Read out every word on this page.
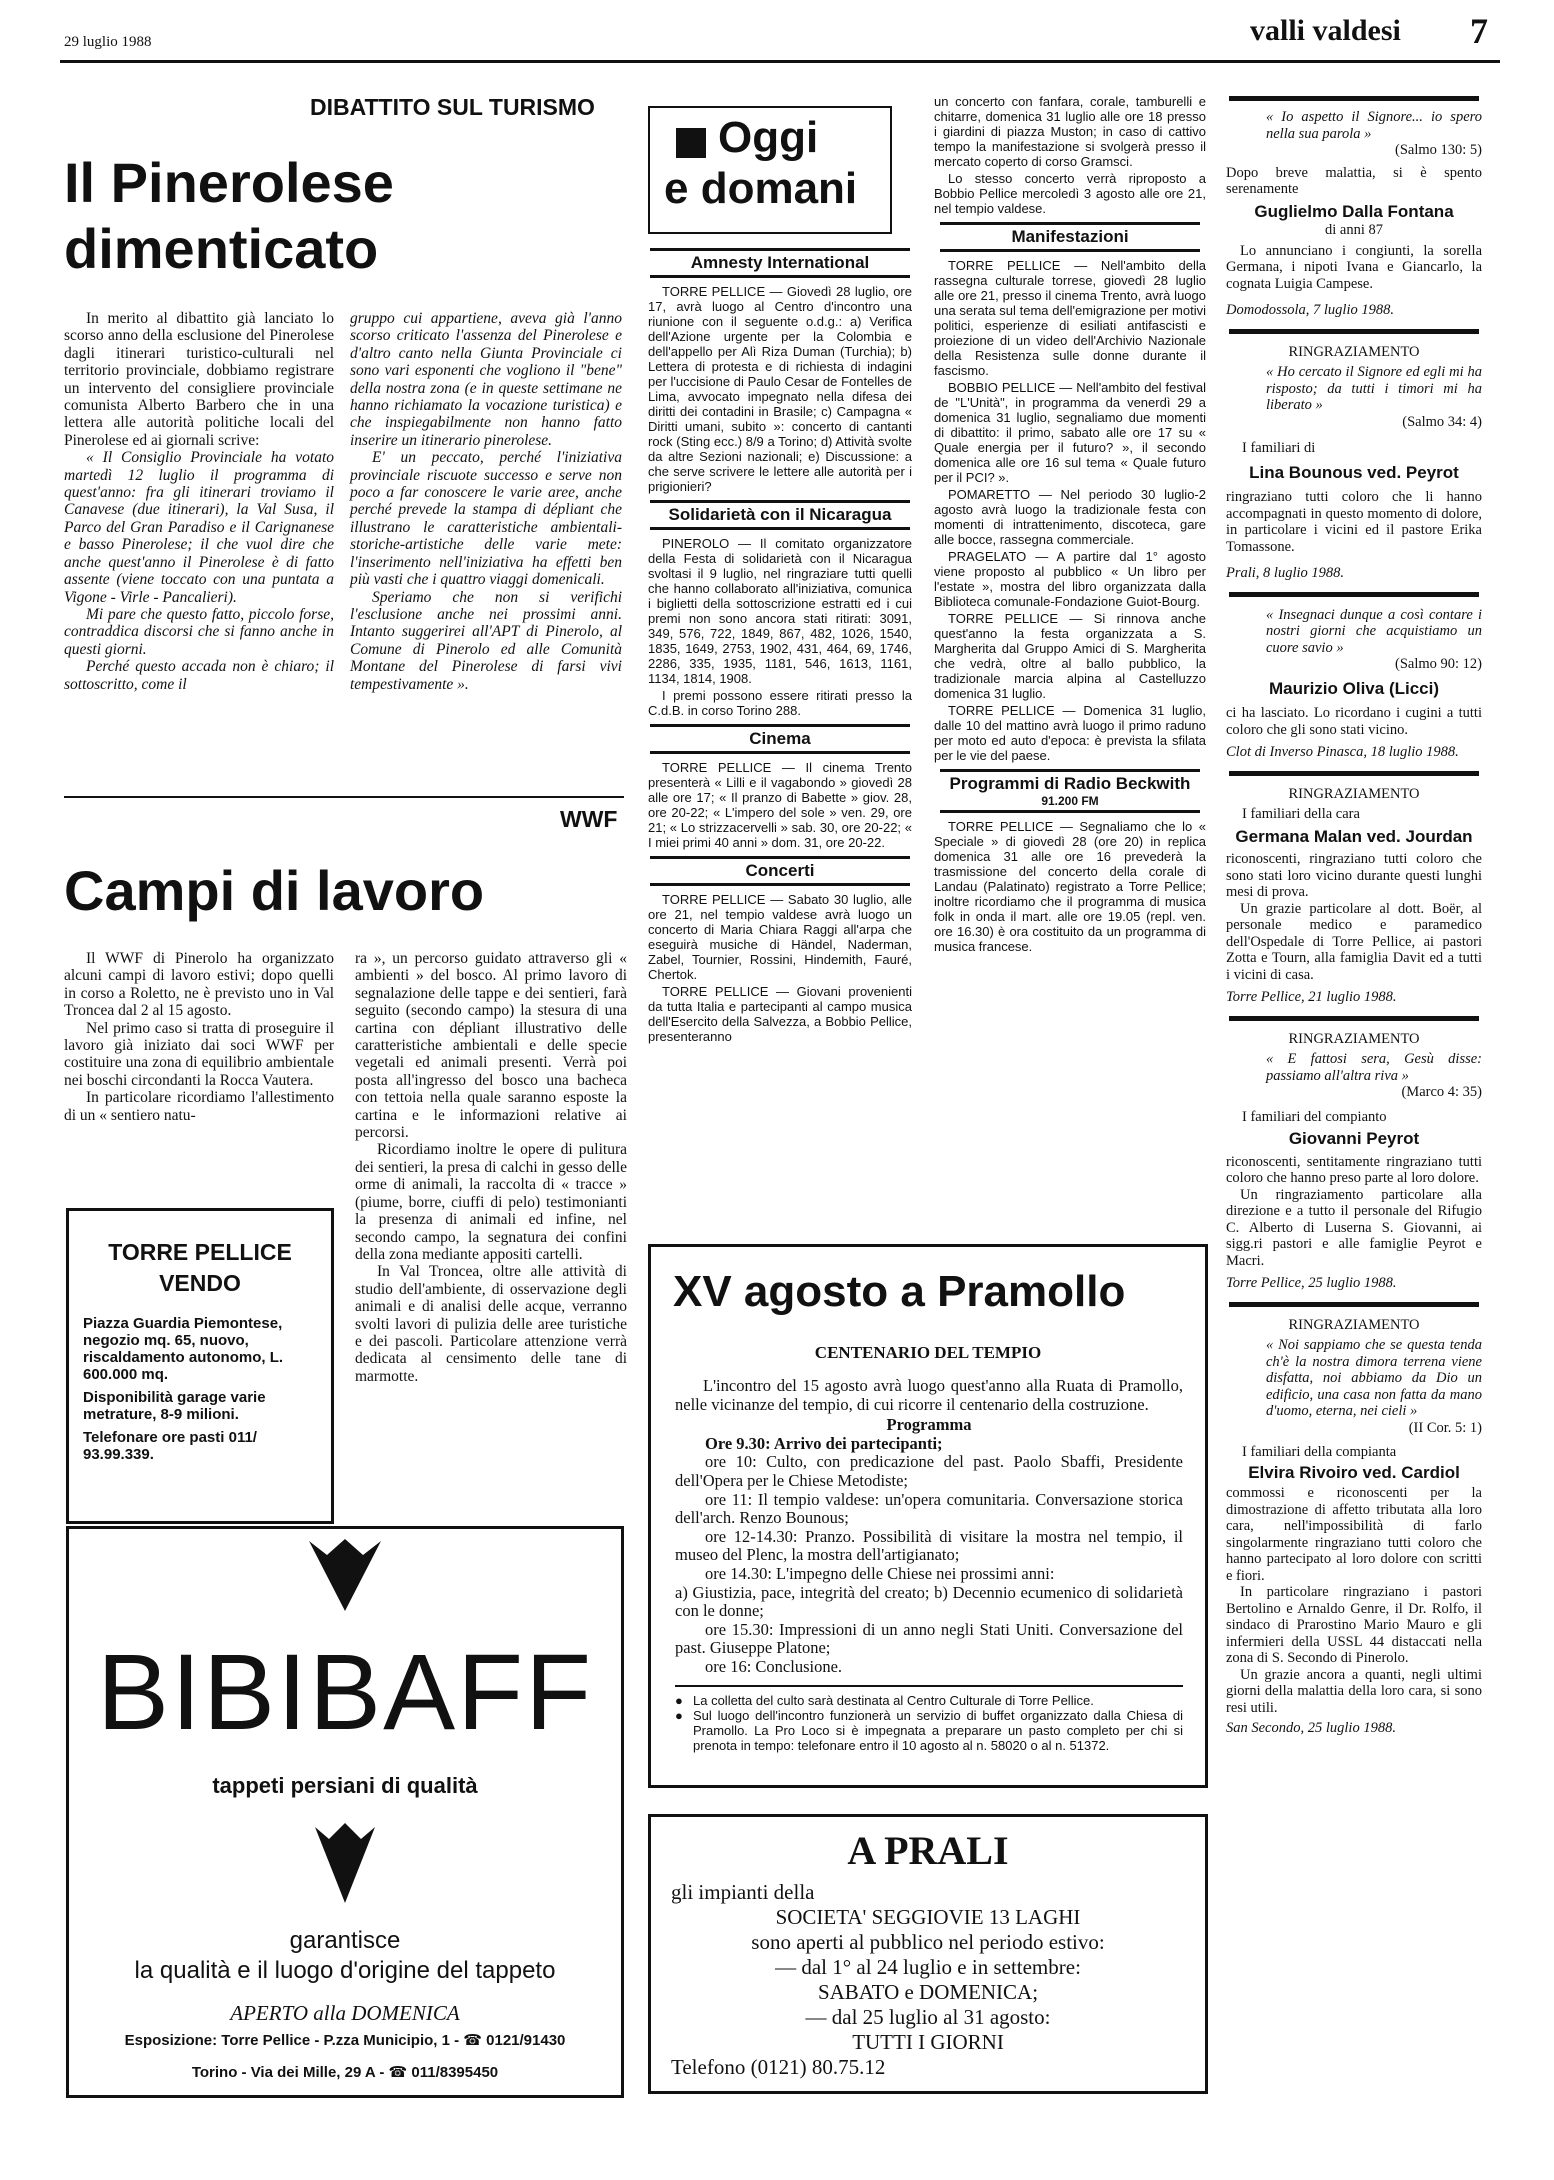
29 luglio 1988	valli valdesi 7
DIBATTITO SUL TURISMO
Il Pinerolese
dimenticato

In merito al dibattito già lanciato lo scorso anno della esclusione del Pinerolese dagli itinerari turistico-culturali nel territorio provinciale, dobbiamo registrare un intervento del consigliere provinciale comunista Alberto Barbero che in una lettera alle autorità politiche locali del Pinerolese ed ai giornali scrive:

« Il Consiglio Provinciale ha votato martedì 12 luglio il programma di quest'anno: fra gli itinerari troviamo il Canavese (due itinerari), la Val Susa, il Parco del Gran Paradiso e il Carignanese e basso Pinerolese; il che vuol dire che anche quest'anno il Pinerolese è di fatto assente (viene toccato con una puntata a Vigone - Virle - Pancalieri).

Mi pare che questo fatto, piccolo forse, contraddica discorsi che si fanno anche in questi giorni.

Perché questo accada non è chiaro; il sottoscritto, come il

gruppo cui appartiene, aveva già l'anno scorso criticato l'assenza del Pinerolese e d'altro canto nella Giunta Provinciale ci sono vari esponenti che vogliono il "bene" della nostra zona (e in queste settimane ne hanno richiamato la vocazione turistica) e che inspiegabilmente non hanno fatto inserire un itinerario pinerolese.

E' un peccato, perché l'iniziativa provinciale riscuote successo e serve non poco a far conoscere le varie aree, anche perché prevede la stampa di dépliant che illustrano le caratteristiche ambientali-storiche-artistiche delle varie mete: l'inserimento nell'iniziativa ha effetti ben più vasti che i quattro viaggi domenicali.

Speriamo che non si verifichi l'esclusione anche nei prossimi anni. Intanto suggerirei all'APT di Pinerolo, al Comune di Pinerolo ed alle Comunità Montane del Pinerolese di farsi vivi tempestivamente ».

WWF
Campi di lavoro

Il WWF di Pinerolo ha organizzato alcuni campi di lavoro estivi; dopo quelli in corso a Roletto, ne è previsto uno in Val Troncea dal 2 al 15 agosto.

Nel primo caso si tratta di proseguire il lavoro già iniziato dai soci WWF per costituire una zona di equilibrio ambientale nei boschi circondanti la Rocca Vautera.

In particolare ricordiamo l'allestimento di un « sentiero natu-

ra », un percorso guidato attraverso gli « ambienti » del bosco. Al primo lavoro di segnalazione delle tappe e dei sentieri, farà seguito (secondo campo) la stesura di una cartina con dépliant illustrativo delle caratteristiche ambientali e delle specie vegetali ed animali presenti. Verrà poi posta all'ingresso del bosco una bacheca con tettoia nella quale saranno esposte la cartina e le informazioni relative ai percorsi.

Ricordiamo inoltre le opere di pulitura dei sentieri, la presa di calchi in gesso delle orme di animali, la raccolta di « tracce » (piume, borre, ciuffi di pelo) testimonianti la presenza di animali ed infine, nel secondo campo, la segnatura dei confini della zona mediante appositi cartelli.

In Val Troncea, oltre alle attività di studio dell'ambiente, di osservazione degli animali e di analisi delle acque, verranno svolti lavori di pulizia delle aree turistiche e dei pascoli. Particolare attenzione verrà dedicata al censimento delle tane di marmotte.

TORRE PELLICE
VENDO
Piazza Guardia Piemontese, negozio mq. 65, nuovo, riscaldamento autonomo, L. 600.000 mq.
Disponibilità garage varie metrature, 8-9 milioni.
Telefonare ore pasti 011/ 93.99.339.
BIBIBAFF
tappeti persiani di qualità
garantisce
la qualità e il luogo d'origine del tappeto
APERTO alla DOMENICA
Esposizione: Torre Pellice - P.zza Municipio, 1 - ☎ 0121/91430
Torino - Via dei Mille, 29 A - ☎ 011/8395450
Oggi
e domani
Amnesty International

TORRE PELLICE — Giovedì 28 luglio, ore 17, avrà luogo al Centro d'incontro una riunione con il seguente o.d.g.: a) Verifica dell'Azione urgente per la Colombia e dell'appello per Alì Riza Duman (Turchia); b) Lettera di protesta e di richiesta di indagini per l'uccisione di Paulo Cesar de Fontelles de Lima, avvocato impegnato nella difesa dei diritti dei contadini in Brasile; c) Campagna « Diritti umani, subito »: concerto di cantanti rock (Sting ecc.) 8/9 a Torino; d) Attività svolte da altre Sezioni nazionali; e) Discussione: a che serve scrivere le lettere alle autorità per i prigionieri?

Solidarietà con il Nicaragua

PINEROLO — Il comitato organizzatore della Festa di solidarietà con il Nicaragua svoltasi il 9 luglio, nel ringraziare tutti quelli che hanno collaborato all'iniziativa, comunica i biglietti della sottoscrizione estratti ed i cui premi non sono ancora stati ritirati: 3091, 349, 576, 722, 1849, 867, 482, 1026, 1540, 1835, 1649, 2753, 1902, 431, 464, 69, 1746, 2286, 335, 1935, 1181, 546, 1613, 1161, 1134, 1814, 1908.

I premi possono essere ritirati presso la C.d.B. in corso Torino 288.

Cinema

TORRE PELLICE — Il cinema Trento presenterà « Lilli e il vagabondo » giovedì 28 alle ore 17; « Il pranzo di Babette » giov. 28, ore 20-22; « L'impero del sole » ven. 29, ore 21; « Lo strizzacervelli » sab. 30, ore 20-22; « I miei primi 40 anni » dom. 31, ore 20-22.

Concerti

TORRE PELLICE — Sabato 30 luglio, alle ore 21, nel tempio valdese avrà luogo un concerto di Maria Chiara Raggi all'arpa che eseguirà musiche di Händel, Naderman, Zabel, Tournier, Rossini, Hindemith, Fauré, Chertok.

TORRE PELLICE — Giovani provenienti da tutta Italia e partecipanti al campo musica dell'Esercito della Salvezza, a Bobbio Pellice, presenteranno

un concerto con fanfara, corale, tamburelli e chitarre, domenica 31 luglio alle ore 18 presso i giardini di piazza Muston; in caso di cattivo tempo la manifestazione si svolgerà presso il mercato coperto di corso Gramsci.

Lo stesso concerto verrà riproposto a Bobbio Pellice mercoledì 3 agosto alle ore 21, nel tempio valdese.

Manifestazioni

TORRE PELLICE — Nell'ambito della rassegna culturale torrese, giovedì 28 luglio alle ore 21, presso il cinema Trento, avrà luogo una serata sul tema dell'emigrazione per motivi politici, esperienze di esiliati antifascisti e proiezione di un video dell'Archivio Nazionale della Resistenza sulle donne durante il fascismo.

BOBBIO PELLICE — Nell'ambito del festival de "L'Unità", in programma da venerdì 29 a domenica 31 luglio, segnaliamo due momenti di dibattito: il primo, sabato alle ore 17 su « Quale energia per il futuro? », il secondo domenica alle ore 16 sul tema « Quale futuro per il PCI? ».

POMARETTO — Nel periodo 30 luglio-2 agosto avrà luogo la tradizionale festa con momenti di intrattenimento, discoteca, gare alle bocce, rassegna commerciale.

PRAGELATO — A partire dal 1° agosto viene proposto al pubblico « Un libro per l'estate », mostra del libro organizzata dalla Biblioteca comunale-Fondazione Guiot-Bourg.

TORRE PELLICE — Si rinnova anche quest'anno la festa organizzata a S. Margherita dal Gruppo Amici di S. Margherita che vedrà, oltre al ballo pubblico, la tradizionale marcia alpina al Castelluzzo domenica 31 luglio.

TORRE PELLICE — Domenica 31 luglio, dalle 10 del mattino avrà luogo il primo raduno per moto ed auto d'epoca: è prevista la sfilata per le vie del paese.

Programmi di Radio Beckwith
91.200 FM

TORRE PELLICE — Segnaliamo che lo « Speciale » di giovedì 28 (ore 20) in replica domenica 31 alle ore 16 prevederà la trasmissione del concerto della corale di Landau (Palatinato) registrato a Torre Pellice; inoltre ricordiamo che il programma di musica folk in onda il mart. alle ore 19.05 (repl. ven. ore 16.30) è ora costituito da un programma di musica francese.

XV agosto a Pramollo
CENTENARIO DEL TEMPIO

L'incontro del 15 agosto avrà luogo quest'anno alla Ruata di Pramollo, nelle vicinanze del tempio, di cui ricorre il centenario della costruzione.

Programma
Ore 9.30: Arrivo dei partecipanti;
ore 10: Culto, con predicazione del past. Paolo Sbaffi, Presidente dell'Opera per le Chiese Metodiste;
ore 11: Il tempio valdese: un'opera comunitaria. Conversazione storica dell'arch. Renzo Bounous;
ore 12-14.30: Pranzo. Possibilità di visitare la mostra nel tempio, il museo del Plenc, la mostra dell'artigianato;
ore 14.30: L'impegno delle Chiese nei prossimi anni:
a) Giustizia, pace, integrità del creato; b) Decennio ecumenico di solidarietà con le donne;
ore 15.30: Impressioni di un anno negli Stati Uniti. Conversazione del past. Giuseppe Platone;
ore 16: Conclusione.
● La colletta del culto sarà destinata al Centro Culturale di Torre Pellice.
● Sul luogo dell'incontro funzionerà un servizio di buffet organizzato dalla Chiesa di Pramollo. La Pro Loco si è impegnata a preparare un pasto completo per chi si prenota in tempo: telefonare entro il 10 agosto al n. 58020 o al n. 51372.
A PRALI
gli impianti della
SOCIETA' SEGGIOVIE 13 LAGHI
sono aperti al pubblico nel periodo estivo:
— dal 1° al 24 luglio e in settembre:
SABATO e DOMENICA;
— dal 25 luglio al 31 agosto:
TUTTI I GIORNI
Telefono (0121) 80.75.12

« Io aspetto il Signore... io spero nella sua parola »

(Salmo 130: 5)

Dopo breve malattia, si è spento serenamente

Guglielmo Dalla Fontana

di anni 87

Lo annunciano i congiunti, la sorella Germana, i nipoti Ivana e Giancarlo, la cognata Luigia Campese.

Domodossola, 7 luglio 1988.

RINGRAZIAMENTO

« Ho cercato il Signore ed egli mi ha risposto; da tutti i timori mi ha liberato »

(Salmo 34: 4)

I familiari di

Lina Bounous ved. Peyrot

ringraziano tutti coloro che li hanno accompagnati in questo momento di dolore, in particolare i vicini ed il pastore Erika Tomassone.

Prali, 8 luglio 1988.

« Insegnaci dunque a così contare i nostri giorni che acquistiamo un cuore savio »

(Salmo 90: 12)

Maurizio Oliva (Licci)

ci ha lasciato. Lo ricordano i cugini a tutti coloro che gli sono stati vicino.

Clot di Inverso Pinasca, 18 luglio 1988.

RINGRAZIAMENTO

I familiari della cara

Germana Malan ved. Jourdan

riconoscenti, ringraziano tutti coloro che sono stati loro vicino durante questi lunghi mesi di prova.

Un grazie particolare al dott. Boër, al personale medico e paramedico dell'Ospedale di Torre Pellice, ai pastori Zotta e Tourn, alla famiglia Davit ed a tutti i vicini di casa.

Torre Pellice, 21 luglio 1988.

RINGRAZIAMENTO

« E fattosi sera, Gesù disse: passiamo all'altra riva »

(Marco 4: 35)

I familiari del compianto

Giovanni Peyrot

riconoscenti, sentitamente ringraziano tutti coloro che hanno preso parte al loro dolore.

Un ringraziamento particolare alla direzione e a tutto il personale del Rifugio C. Alberto di Luserna S. Giovanni, ai sigg.ri pastori e alle famiglie Peyrot e Macri.

Torre Pellice, 25 luglio 1988.

RINGRAZIAMENTO

« Noi sappiamo che se questa tenda ch'è la nostra dimora terrena viene disfatta, noi abbiamo da Dio un edificio, una casa non fatta da mano d'uomo, eterna, nei cieli »

(II Cor. 5: 1)

I familiari della compianta

Elvira Rivoiro ved. Cardiol

commossi e riconoscenti per la dimostrazione di affetto tributata alla loro cara, nell'impossibilità di farlo singolarmente ringraziano tutti coloro che hanno partecipato al loro dolore con scritti e fiori.

In particolare ringraziano i pastori Bertolino e Arnaldo Genre, il Dr. Rolfo, il sindaco di Prarostino Mario Mauro e gli infermieri della USSL 44 distaccati nella zona di S. Secondo di Pinerolo.

Un grazie ancora a quanti, negli ultimi giorni della malattia della loro cara, si sono resi utili.

San Secondo, 25 luglio 1988.
